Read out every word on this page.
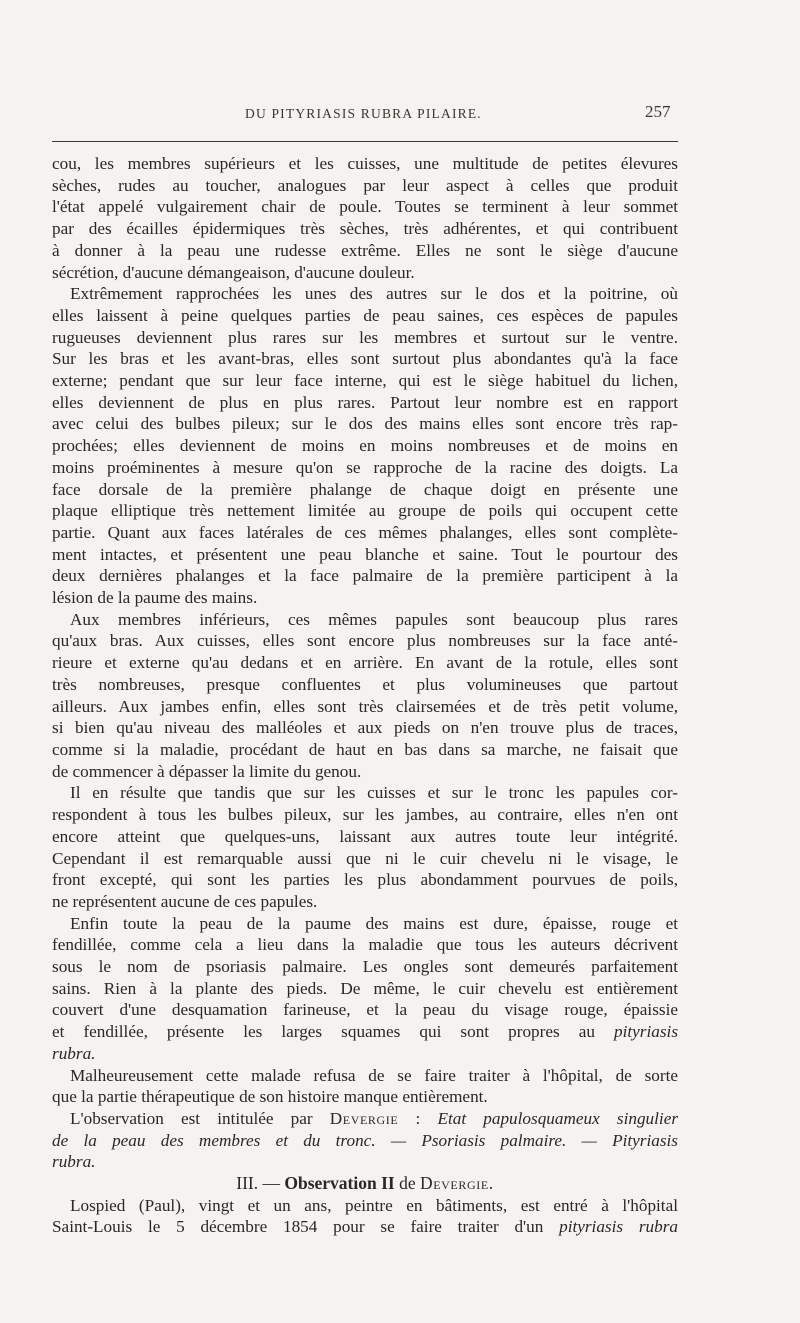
DU PITYRIASIS RUBRA PILAIRE.	257

cou, les membres supérieurs et les cuisses, une multitude de petites élevures

sèches, rudes au toucher, analogues par leur aspect à celles que produit

l'état appelé vulgairement chair de poule. Toutes se terminent à leur sommet

par des écailles épidermiques très sèches, très adhérentes, et qui contribuent

à donner à la peau une rudesse extrême. Elles ne sont le siège d'aucune

sécrétion, d'aucune démangeaison, d'aucune douleur.

Extrêmement rapprochées les unes des autres sur le dos et la poitrine, où

elles laissent à peine quelques parties de peau saines, ces espèces de papules

rugueuses deviennent plus rares sur les membres et surtout sur le ventre.

Sur les bras et les avant-bras, elles sont surtout plus abondantes qu'à la face

externe; pendant que sur leur face interne, qui est le siège habituel du lichen,

elles deviennent de plus en plus rares. Partout leur nombre est en rapport

avec celui des bulbes pileux; sur le dos des mains elles sont encore très rap-

prochées; elles deviennent de moins en moins nombreuses et de moins en

moins proéminentes à mesure qu'on se rapproche de la racine des doigts. La

face dorsale de la première phalange de chaque doigt en présente une

plaque elliptique très nettement limitée au groupe de poils qui occupent cette

partie. Quant aux faces latérales de ces mêmes phalanges, elles sont complète-

ment intactes, et présentent une peau blanche et saine. Tout le pourtour des

deux dernières phalanges et la face palmaire de la première participent à la

lésion de la paume des mains.

Aux membres inférieurs, ces mêmes papules sont beaucoup plus rares

qu'aux bras. Aux cuisses, elles sont encore plus nombreuses sur la face anté-

rieure et externe qu'au dedans et en arrière. En avant de la rotule, elles sont

très nombreuses, presque confluentes et plus volumineuses que partout

ailleurs. Aux jambes enfin, elles sont très clairsemées et de très petit volume,

si bien qu'au niveau des malléoles et aux pieds on n'en trouve plus de traces,

comme si la maladie, procédant de haut en bas dans sa marche, ne faisait que

de commencer à dépasser la limite du genou.

Il en résulte que tandis que sur les cuisses et sur le tronc les papules cor-

respondent à tous les bulbes pileux, sur les jambes, au contraire, elles n'en ont

encore atteint que quelques-uns, laissant aux autres toute leur intégrité.

Cependant il est remarquable aussi que ni le cuir chevelu ni le visage, le

front excepté, qui sont les parties les plus abondamment pourvues de poils,

ne représentent aucune de ces papules.

Enfin toute la peau de la paume des mains est dure, épaisse, rouge et

fendillée, comme cela a lieu dans la maladie que tous les auteurs décrivent

sous le nom de psoriasis palmaire. Les ongles sont demeurés parfaitement

sains. Rien à la plante des pieds. De même, le cuir chevelu est entièrement

couvert d'une desquamation farineuse, et la peau du visage rouge, épaissie

et fendillée, présente les larges squames qui sont propres au pityriasis

rubra.

Malheureusement cette malade refusa de se faire traiter à l'hôpital, de sorte

que la partie thérapeutique de son histoire manque entièrement.

L'observation est intitulée par Devergie : Etat papulosquameux singulier

de la peau des membres et du tronc. — Psoriasis palmaire. — Pityriasis

rubra.

III. — Observation II de Devergie.

Lospied (Paul), vingt et un ans, peintre en bâtiments, est entré à l'hôpital

Saint-Louis le 5 décembre 1854 pour se faire traiter d'un pityriasis rubra
